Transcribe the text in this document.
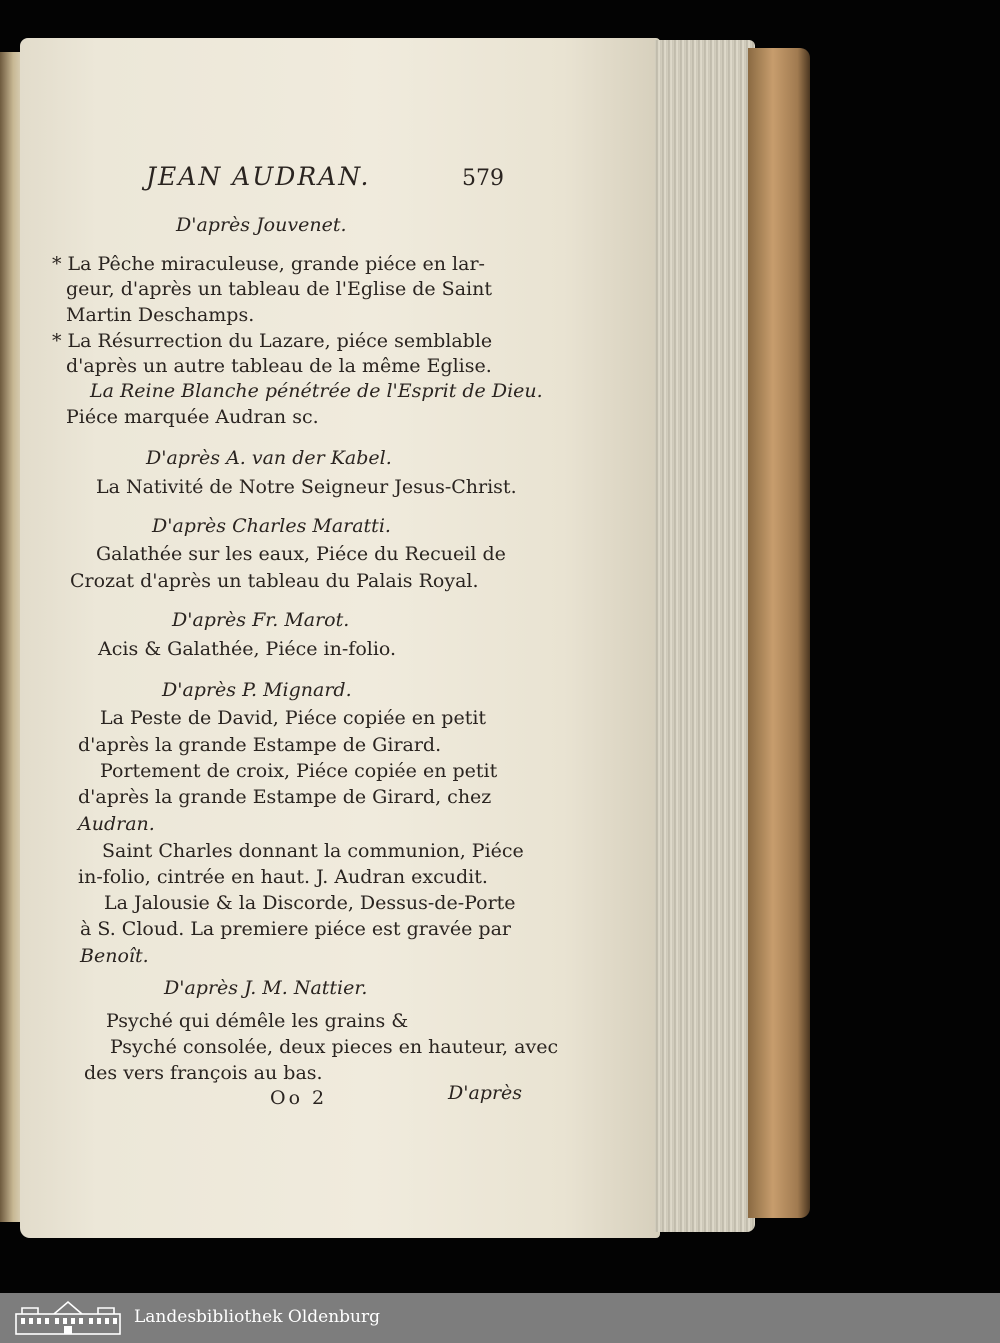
JEAN AUDRAN.	579
D'après Jouvenet.
* La Pêche miraculeuse, grande piéce en lar-
geur, d'après un tableau de l'Eglise de Saint
Martin Deschamps.
* La Résurrection du Lazare, piéce semblable
d'après un autre tableau de la même Eglise.
La Reine Blanche pénétrée de l'Esprit de Dieu.
Piéce marquée Audran sc.
D'après A. van der Kabel.
La Nativité de Notre Seigneur Jesus-Christ.
D'après Charles Maratti.
Galathée sur les eaux, Piéce du Recueil de
Crozat d'après un tableau du Palais Royal.
D'après Fr. Marot.
Acis & Galathée, Piéce in-folio.
D'après P. Mignard.
La Peste de David, Piéce copiée en petit
d'après la grande Estampe de Girard.
Portement de croix, Piéce copiée en petit
d'après la grande Estampe de Girard, chez
Audran.
Saint Charles donnant la communion, Piéce
in-folio, cintrée en haut. J. Audran excudit.
La Jalousie & la Discorde, Dessus-de-Porte
à S. Cloud. La premiere piéce est gravée par
Benoît.
D'après J. M. Nattier.
Psyché qui démêle les grains &
Psyché consolée, deux pieces en hauteur, avec
des vers françois au bas.
Oo 2	D'après
Landesbibliothek Oldenburg
